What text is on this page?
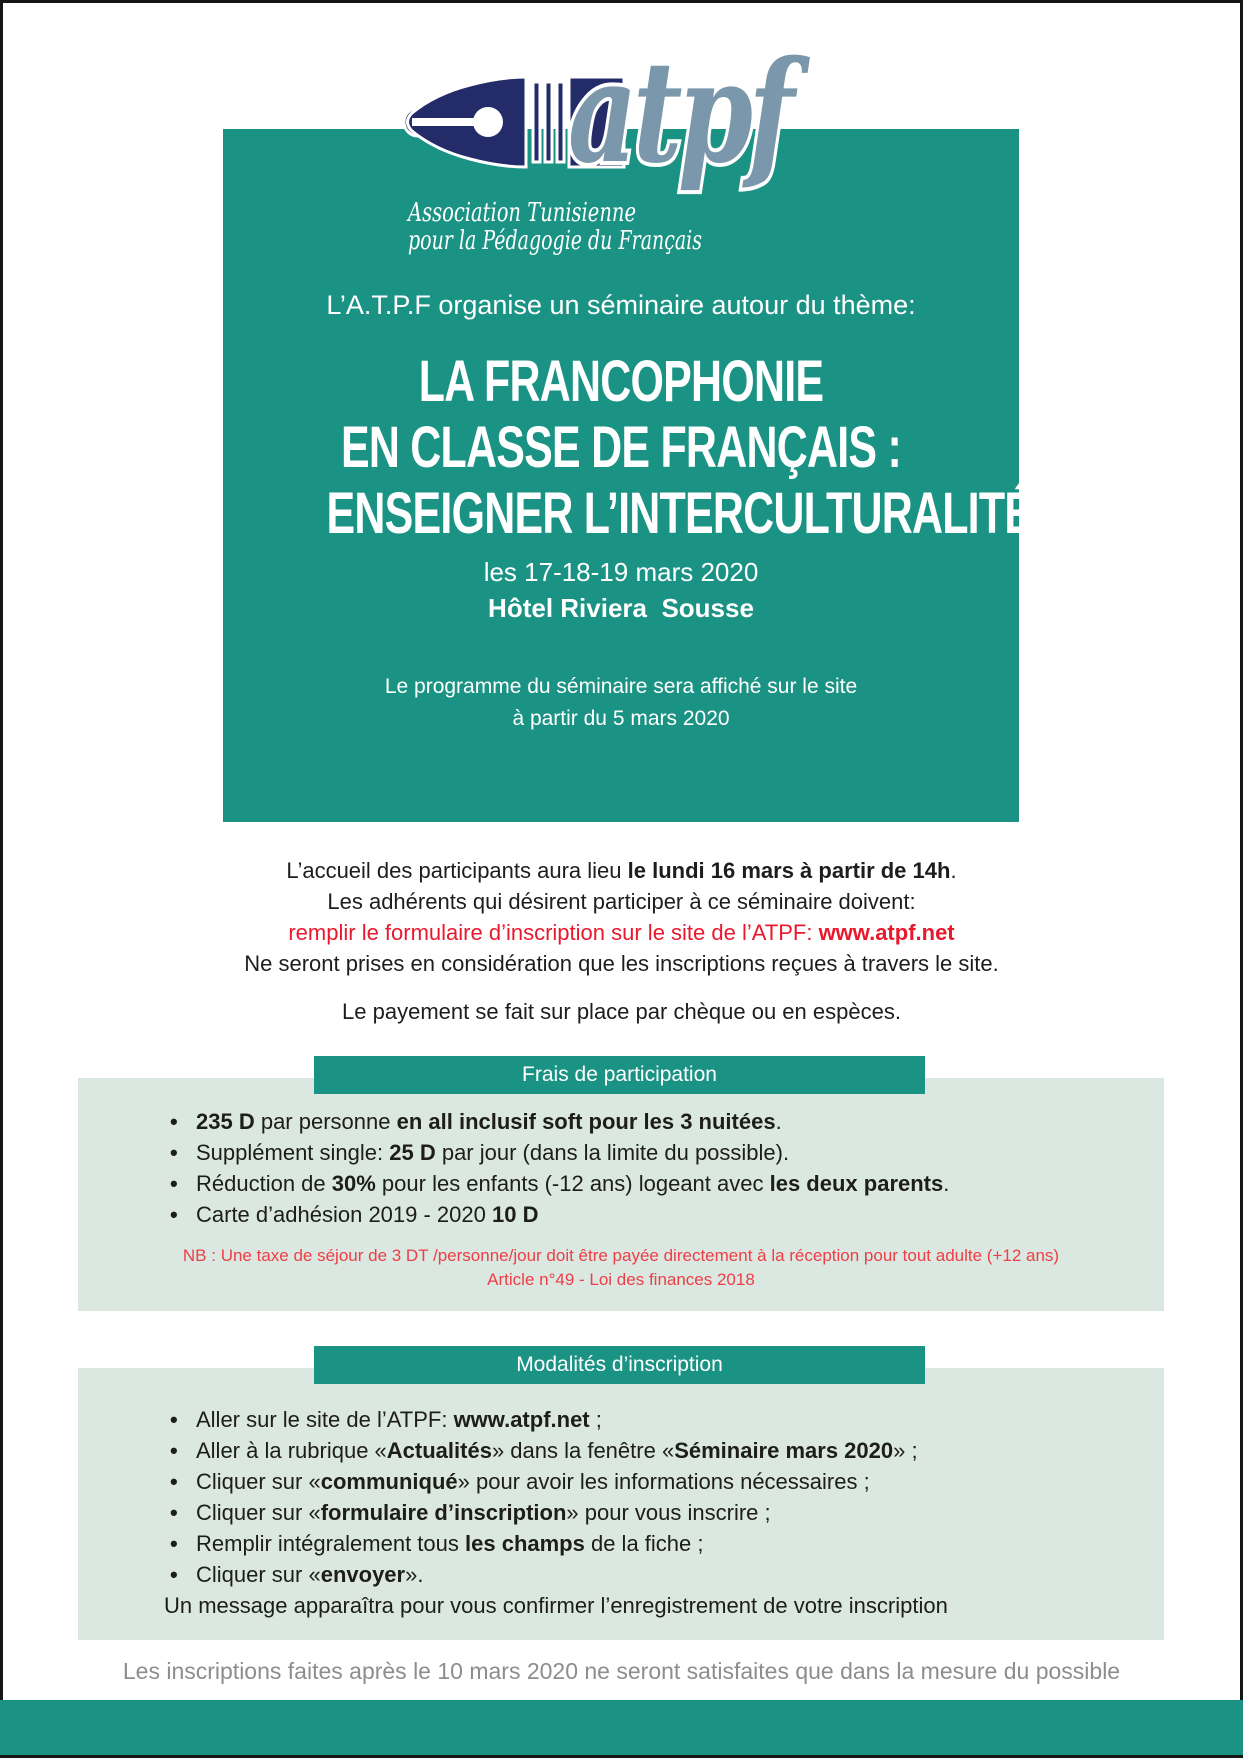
L’A.T.P.F organise un séminaire autour du thème:
LA FRANCOPHONIE
EN CLASSE DE FRANÇAIS :
ENSEIGNER L’INTERCULTURALITÉ
les 17-18-19 mars 2020
Hôtel Riviera  Sousse
Le programme du séminaire sera affiché sur le site
à partir du 5 mars 2020
atpf
Association Tunisienne
pour la Pédagogie du Français
L’accueil des participants aura lieu le lundi 16 mars à partir de 14h.
Les adhérents qui désirent participer à ce séminaire doivent:
remplir le formulaire d’inscription sur le site de l’ATPF: www.atpf.net
Ne seront prises en considération que les inscriptions reçues à travers le site.
Le payement se fait sur place par chèque ou en espèces.
• 235 D par personne en all inclusif soft pour les 3 nuitées.
• Supplément single: 25 D par jour (dans la limite du possible).
• Réduction de 30% pour les enfants (-12 ans) logeant avec les deux parents.
• Carte d’adhésion 2019 - 2020 10 D
NB : Une taxe de séjour de 3 DT /personne/jour doit être payée directement à la réception pour tout adulte (+12 ans)
Article n°49 - Loi des finances 2018
Frais de participation
• Aller sur le site de l’ATPF: www.atpf.net ;
• Aller à la rubrique «Actualités» dans la fenêtre «Séminaire mars 2020» ;
• Cliquer sur «communiqué» pour avoir les informations nécessaires ;
• Cliquer sur «formulaire d’inscription» pour vous inscrire ;
• Remplir intégralement tous les champs de la fiche ;
• Cliquer sur «envoyer».
Un message apparaîtra pour vous confirmer l’enregistrement de votre inscription
Modalités d’inscription
Les inscriptions faites après le 10 mars 2020 ne seront satisfaites que dans la mesure du possible
